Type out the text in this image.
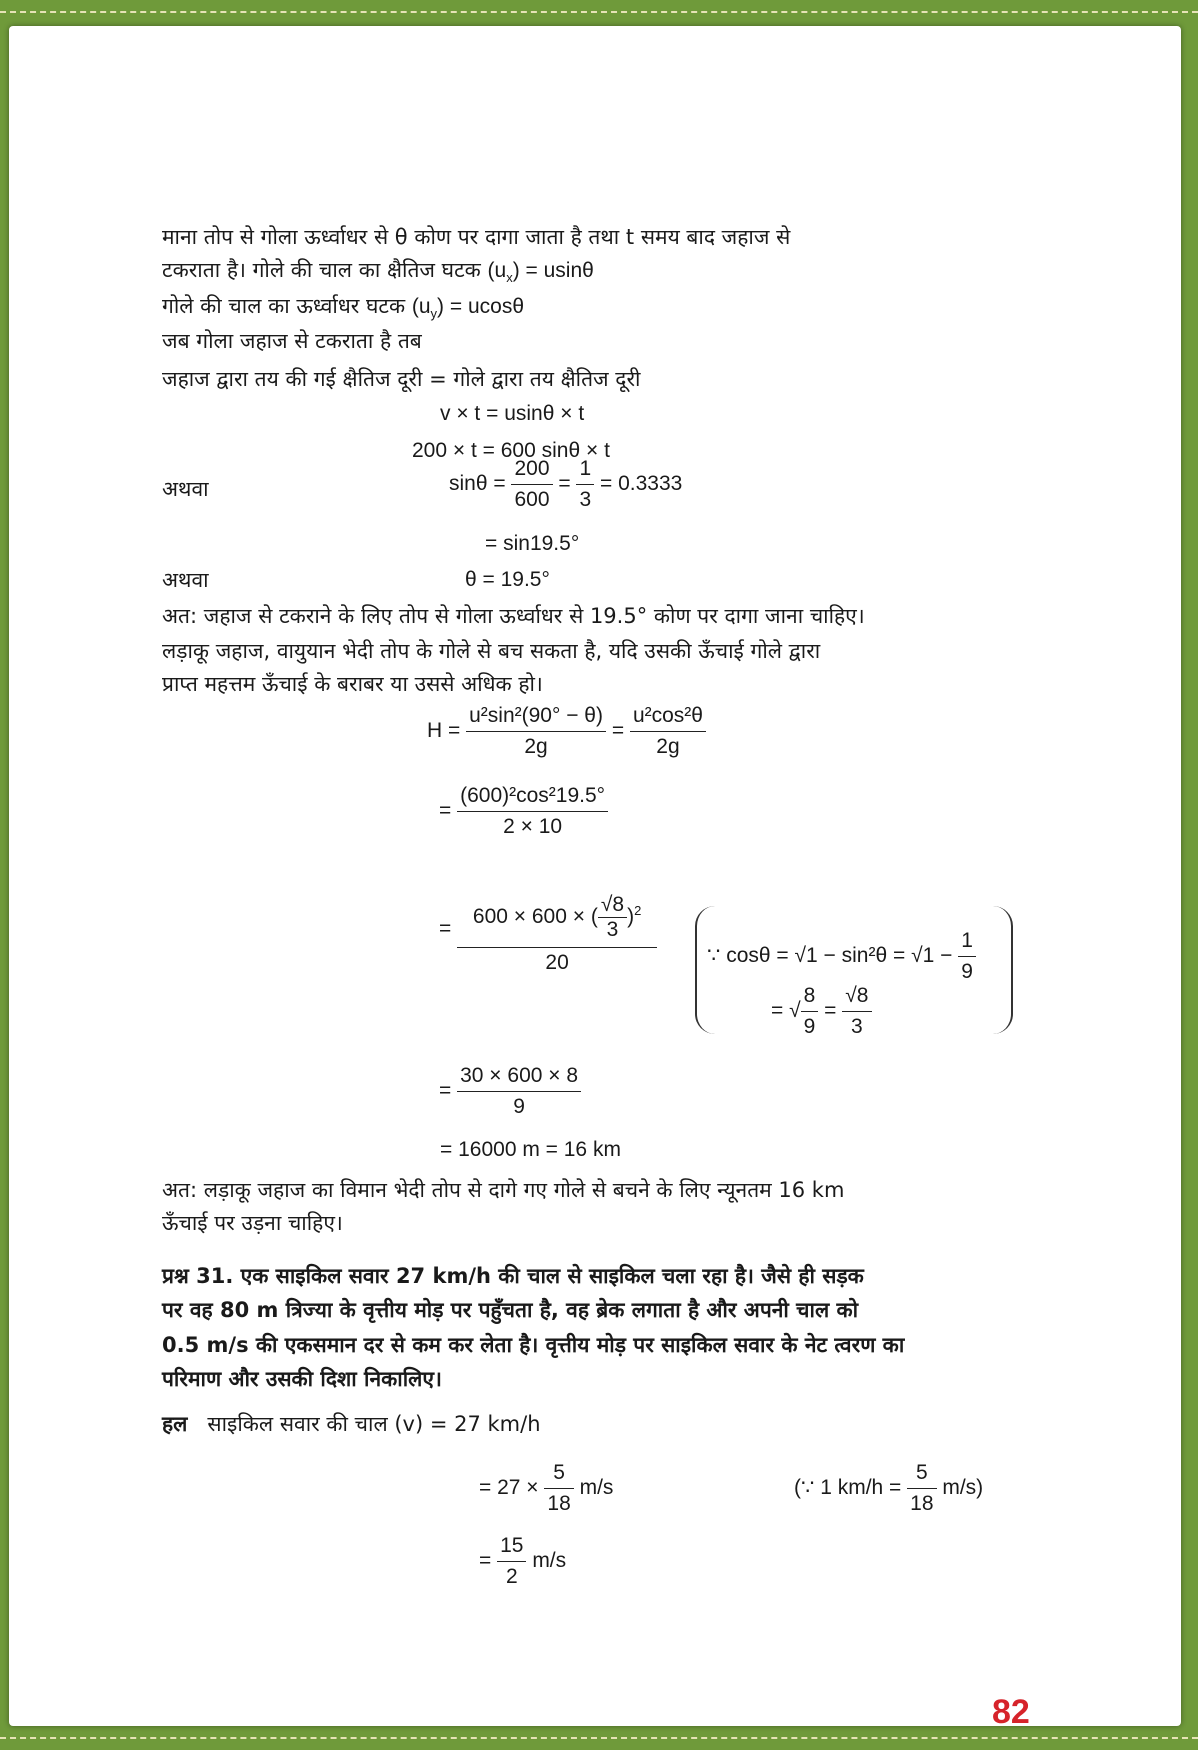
माना तोप से गोला ऊर्ध्वाधर से θ कोण पर दागा जाता है तथा t समय बाद जहाज से
टकराता है। गोले की चाल का क्षैतिज घटक $(u_x) = usin\theta$
गोले की चाल का ऊर्ध्वाधर घटक $(u_y) = ucos\theta$
जब गोला जहाज से टकराता है तब
जहाज द्वारा तय की गई क्षैतिज दूरी = गोले द्वारा तय क्षैतिज दूरी
v × t = usinθ × t
200 × t = 600 sinθ × t
अथवा	$\sin\theta = \frac{200}{600} = \frac{1}{3} = 0.3333$
= sin19.5°
अथवा	θ = 19.5°
अत: जहाज से टकराने के लिए तोप से गोला ऊर्ध्वाधर से 19.5° कोण पर दागा जाना चाहिए।
लड़ाकू जहाज, वायुयान भेदी तोप के गोले से बच सकता है, यदि उसकी ऊँचाई गोले द्वारा
प्राप्त महत्तम ऊँचाई के बराबर या उससे अधिक हो।
$H = \frac{\text{u²sin²(90° − θ)}}{2g} = \frac{\text{u²cos²θ}}{2g}$
= $\frac{\text{(600)²cos²19.5°}}{2 \times 10}$
= $\frac{600 \times 600 \times ( \frac{√8}{3} )^2}{20}$ ∵ $\cos\theta = √1 - \sin^2\theta = √1 - \frac{1}{9}$
= √ $\frac{8}{9} = \frac{√8}{3}$
= $\frac{30 \times 600 \times 8}{9}$
= 16000 m = 16 km
अत: लड़ाकू जहाज का विमान भेदी तोप से दागे गए गोले से बचने के लिए न्यूनतम 16 km
ऊँचाई पर उड़ना चाहिए।
प्रश्न 31. एक साइकिल सवार 27 km/h की चाल से साइकिल चला रहा है। जैसे ही सड़क
पर वह 80 m त्रिज्या के वृत्तीय मोड़ पर पहुँचता है, वह ब्रेक लगाता है और अपनी चाल को
0.5 m/s की एकसमान दर से कम कर लेता है। वृत्तीय मोड़ पर साइकिल सवार के नेट त्वरण का
परिमाण और उसकी दिशा निकालिए।
हल साइकिल सवार की चाल (v) = 27 km/h
= $27 \times \frac{5}{18} m/s$	(∵ 1 $km/h = \frac{5}{18} m/s$)
= $\frac{15}{2} m/s$
82
